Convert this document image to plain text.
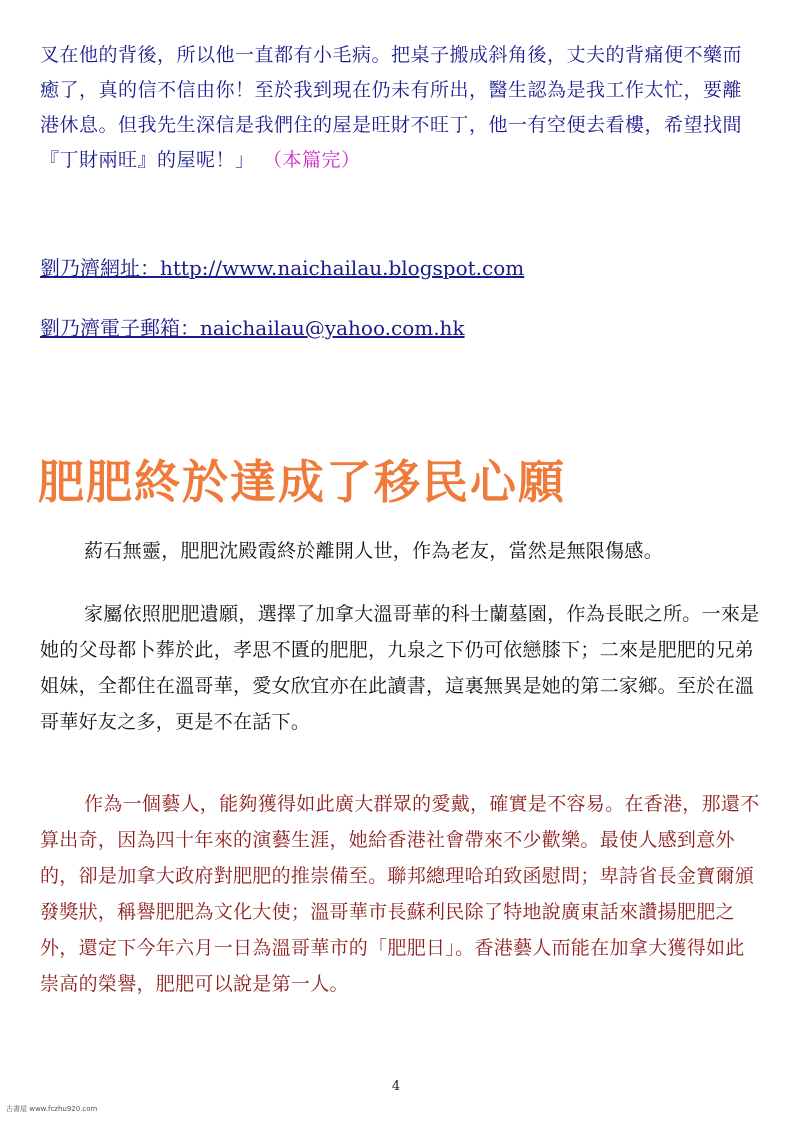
叉在他的背後，所以他一直都有小毛病。把桌子搬成斜角後，丈夫的背痛便不藥而癒了，真的信不信由你！至於我到現在仍未有所出，醫生認為是我工作太忙，要離港休息。但我先生深信是我們住的屋是旺財不旺丁，他一有空便去看樓，希望找間『丁財兩旺』的屋呢！」 （本篇完）
劉乃濟網址：http://www.naichailau.blogspot.com
劉乃濟電子郵箱：naichailau@yahoo.com.hk
肥肥終於達成了移民心願
葯石無靈，肥肥沈殿霞終於離開人世，作為老友，當然是無限傷感。
家屬依照肥肥遺願，選擇了加拿大溫哥華的科士蘭墓園，作為長眠之所。一來是她的父母都卜葬於此，孝思不匱的肥肥，九泉之下仍可依戀膝下；二來是肥肥的兄弟姐妹，全都住在溫哥華，愛女欣宜亦在此讀書，這裏無異是她的第二家鄉。至於在溫哥華好友之多，更是不在話下。
作為一個藝人，能夠獲得如此廣大群眾的愛戴，確實是不容易。在香港，那還不算出奇，因為四十年來的演藝生涯，她給香港社會帶來不少歡樂。最使人感到意外的，卻是加拿大政府對肥肥的推崇備至。聯邦總理哈珀致函慰問；卑詩省長金寶爾頒發獎狀，稱譽肥肥為文化大使；溫哥華市長蘇利民除了特地說廣東話來讚揚肥肥之外，還定下今年六月一日為溫哥華市的「肥肥日」。香港藝人而能在加拿大獲得如此崇高的榮譽，肥肥可以說是第一人。
4
古書屋 www.fczhu920.com
